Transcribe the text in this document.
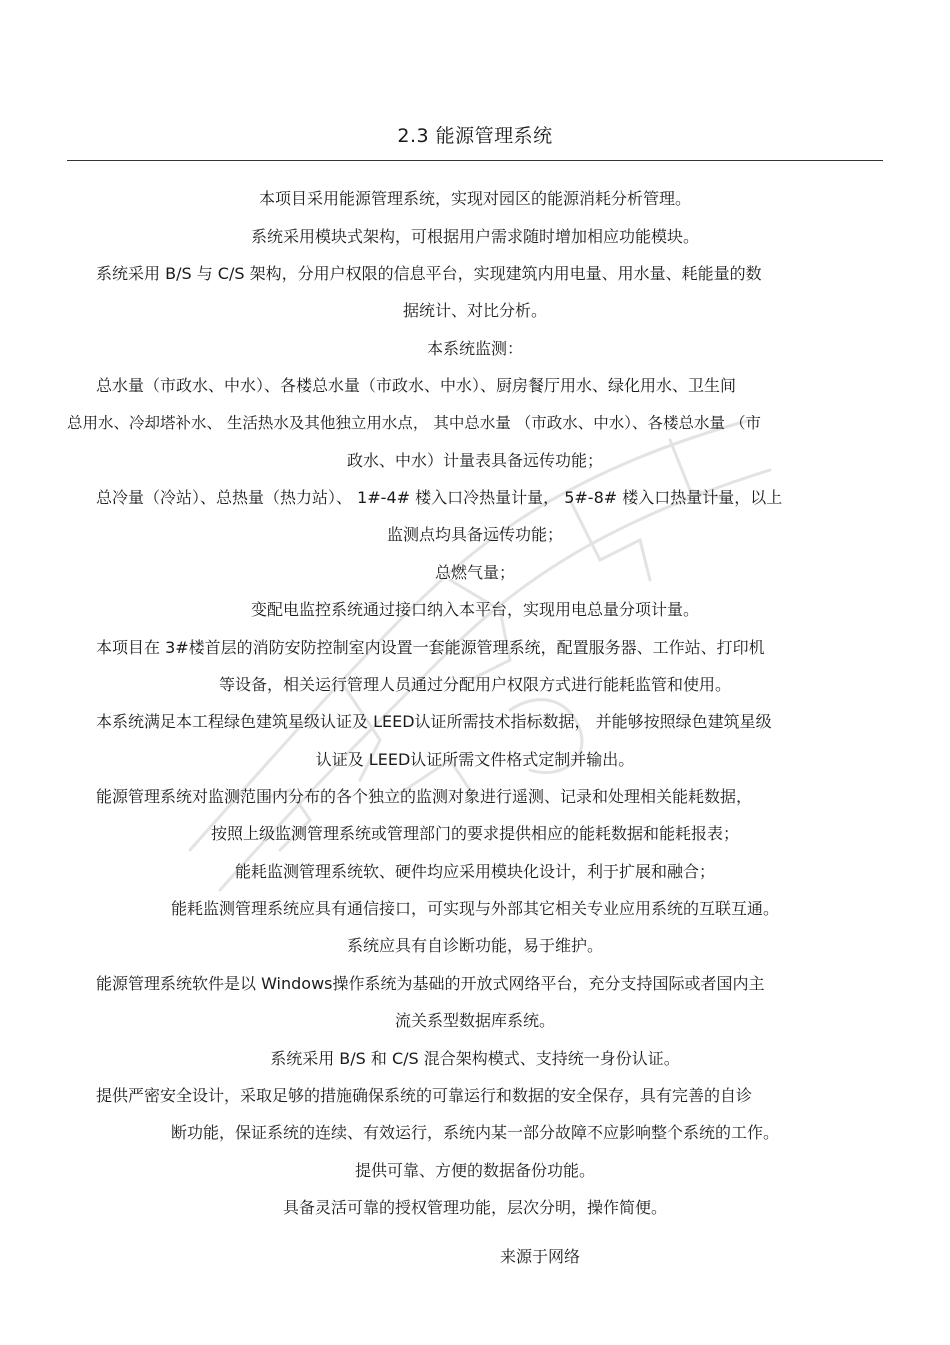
2.3 能源管理系统
本项目采用能源管理系统，实现对园区的能源消耗分析管理。
系统采用模块式架构，可根据用户需求随时增加相应功能模块。
系统采用 B/S 与 C/S 架构，分用户权限的信息平台，实现建筑内用电量、用水量、耗能量的数
据统计、对比分析。
本系统监测：
总水量（市政水、中水）、各楼总水量（市政水、中水）、厨房餐厅用水、绿化用水、卫生间
总用水、冷却塔补水、 生活热水及其他独立用水点， 其中总水量 （市政水、中水）、各楼总水量 （市
政水、中水）计量表具备远传功能；
总冷量（冷站）、总热量（热力站）、 1#-4# 楼入口冷热量计量， 5#-8# 楼入口热量计量，以上
监测点均具备远传功能；
总燃气量；
变配电监控系统通过接口纳入本平台，实现用电总量分项计量。
本项目在 3#楼首层的消防安防控制室内设置一套能源管理系统，配置服务器、工作站、打印机
等设备，相关运行管理人员通过分配用户权限方式进行能耗监管和使用。
本系统满足本工程绿色建筑星级认证及 LEED认证所需技术指标数据， 并能够按照绿色建筑星级
认证及 LEED认证所需文件格式定制并输出。
能源管理系统对监测范围内分布的各个独立的监测对象进行遥测、记录和处理相关能耗数据，
按照上级监测管理系统或管理部门的要求提供相应的能耗数据和能耗报表；
能耗监测管理系统软、硬件均应采用模块化设计，利于扩展和融合；
能耗监测管理系统应具有通信接口，可实现与外部其它相关专业应用系统的互联互通。
系统应具有自诊断功能，易于维护。
能源管理系统软件是以 Windows操作系统为基础的开放式网络平台，充分支持国际或者国内主
流关系型数据库系统。
系统采用 B/S 和 C/S 混合架构模式、支持统一身份认证。
提供严密安全设计，采取足够的措施确保系统的可靠运行和数据的安全保存，具有完善的自诊
断功能，保证系统的连续、有效运行，系统内某一部分故障不应影响整个系统的工作。
提供可靠、方便的数据备份功能。
具备灵活可靠的授权管理功能，层次分明，操作简便。
来源于网络
